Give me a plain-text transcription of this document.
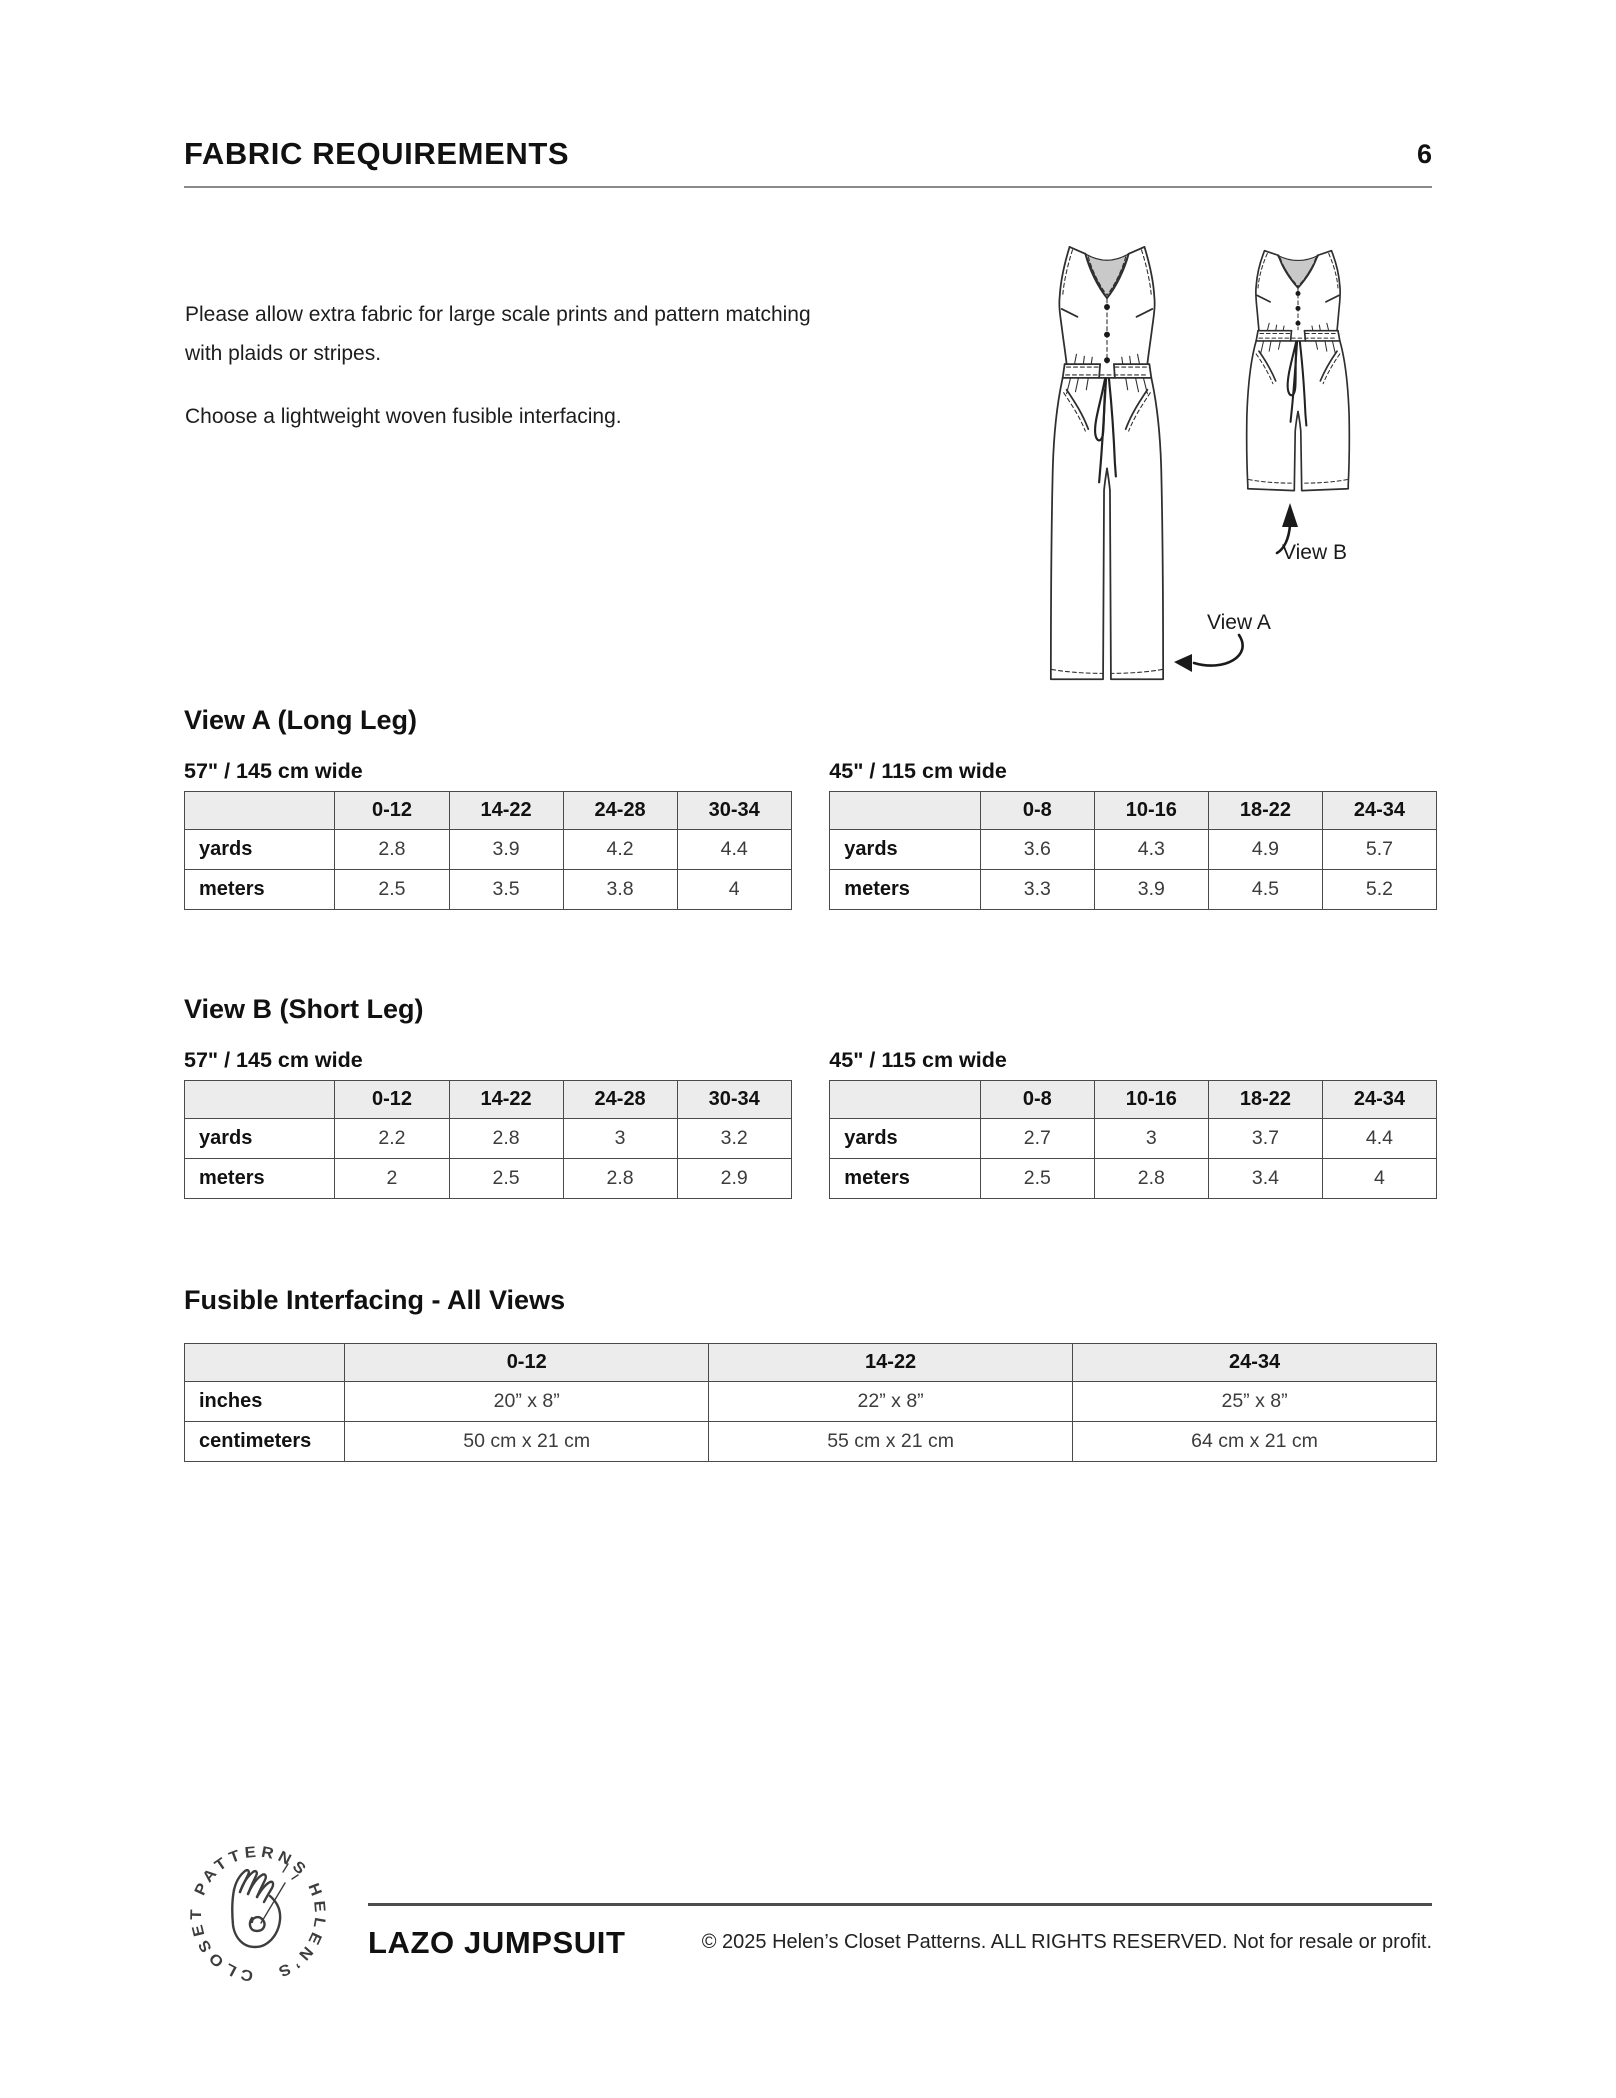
FABRIC REQUIREMENTS	6

Please allow extra fabric for large scale prints and pattern matching
with plaids or stripes.

Choose a lightweight woven fusible interfacing.

View B
View A
View A (Long Leg)
57" / 145 cm wide
	0-12	14-22	24-28	30-34
yards	2.8	3.9	4.2	4.4
meters	2.5	3.5	3.8	4
45" / 115 cm wide
	0-8	10-16	18-22	24-34
yards	3.6	4.3	4.9	5.7
meters	3.3	3.9	4.5	5.2
View B (Short Leg)
57" / 145 cm wide
	0-12	14-22	24-28	30-34
yards	2.2	2.8	3	3.2
meters	2	2.5	2.8	2.9
45" / 115 cm wide
	0-8	10-16	18-22	24-34
yards	2.7	3	3.7	4.4
meters	2.5	2.8	3.4	4
Fusible Interfacing - All Views
	0-12	14-22	24-34
inches	20” x 8”	22” x 8”	25” x 8”
centimeters	50 cm x 21 cm	55 cm x 21 cm	64 cm x 21 cm
CLOSET PATTERNS HELEN’S
LAZO JUMPSUIT	© 2025 Helen’s Closet Patterns. ALL RIGHTS RESERVED. Not for resale or profit.
